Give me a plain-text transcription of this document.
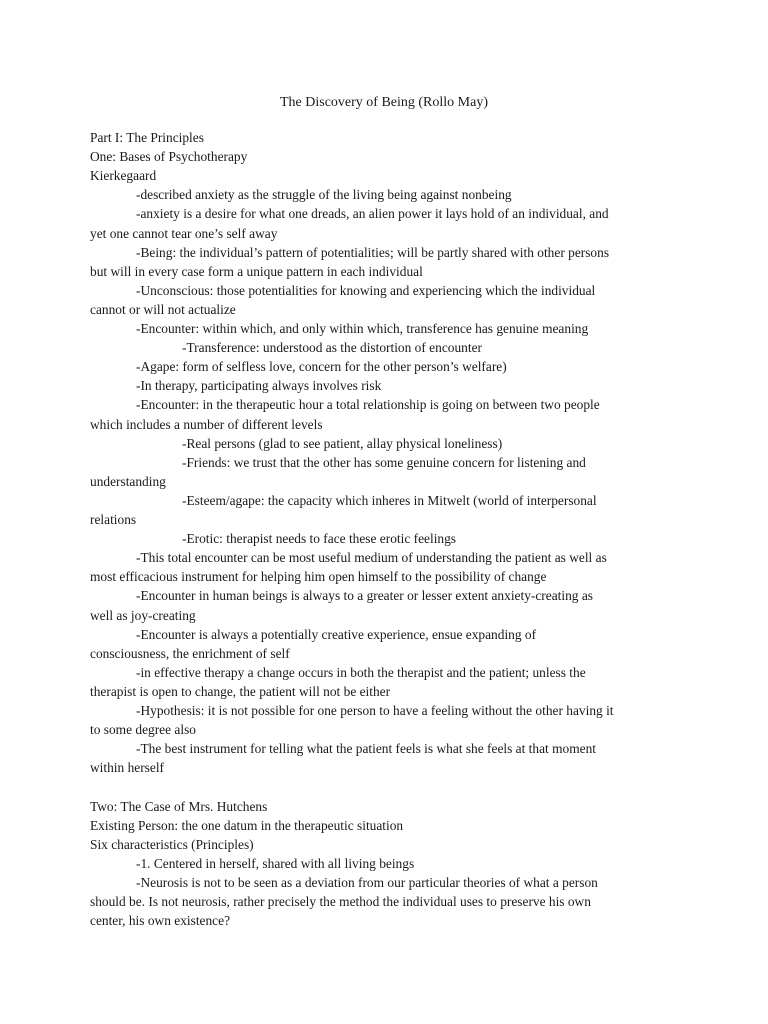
The Discovery of Being (Rollo May)
Part I: The Principles
One: Bases of Psychotherapy
Kierkegaard
-described anxiety as the struggle of the living being against nonbeing
-anxiety is a desire for what one dreads, an alien power it lays hold of an individual, and
yet one cannot tear one’s self away
-Being: the individual’s pattern of potentialities; will be partly shared with other persons
but will in every case form a unique pattern in each individual
-Unconscious: those potentialities for knowing and experiencing which the individual
cannot or will not actualize
-Encounter: within which, and only within which, transference has genuine meaning
-Transference: understood as the distortion of encounter
-Agape: form of selfless love, concern for the other person’s welfare)
-In therapy, participating always involves risk
-Encounter: in the therapeutic hour a total relationship is going on between two people
which includes a number of different levels
-Real persons (glad to see patient, allay physical loneliness)
-Friends: we trust that the other has some genuine concern for listening and
understanding
-Esteem/agape: the capacity which inheres in Mitwelt (world of interpersonal
relations
-Erotic: therapist needs to face these erotic feelings
-This total encounter can be most useful medium of understanding the patient as well as
most efficacious instrument for helping him open himself to the possibility of change
-Encounter in human beings is always to a greater or lesser extent anxiety-creating as
well as joy-creating
-Encounter is always a potentially creative experience, ensue expanding of
consciousness, the enrichment of self
-in effective therapy a change occurs in both the therapist and the patient; unless the
therapist is open to change, the patient will not be either
-Hypothesis: it is not possible for one person to have a feeling without the other having it
to some degree also
-The best instrument for telling what the patient feels is what she feels at that moment
within herself
Two: The Case of Mrs. Hutchens
Existing Person: the one datum in the therapeutic situation
Six characteristics (Principles)
-1. Centered in herself, shared with all living beings
-Neurosis is not to be seen as a deviation from our particular theories of what a person
should be. Is not neurosis, rather precisely the method the individual uses to preserve his own
center, his own existence?
